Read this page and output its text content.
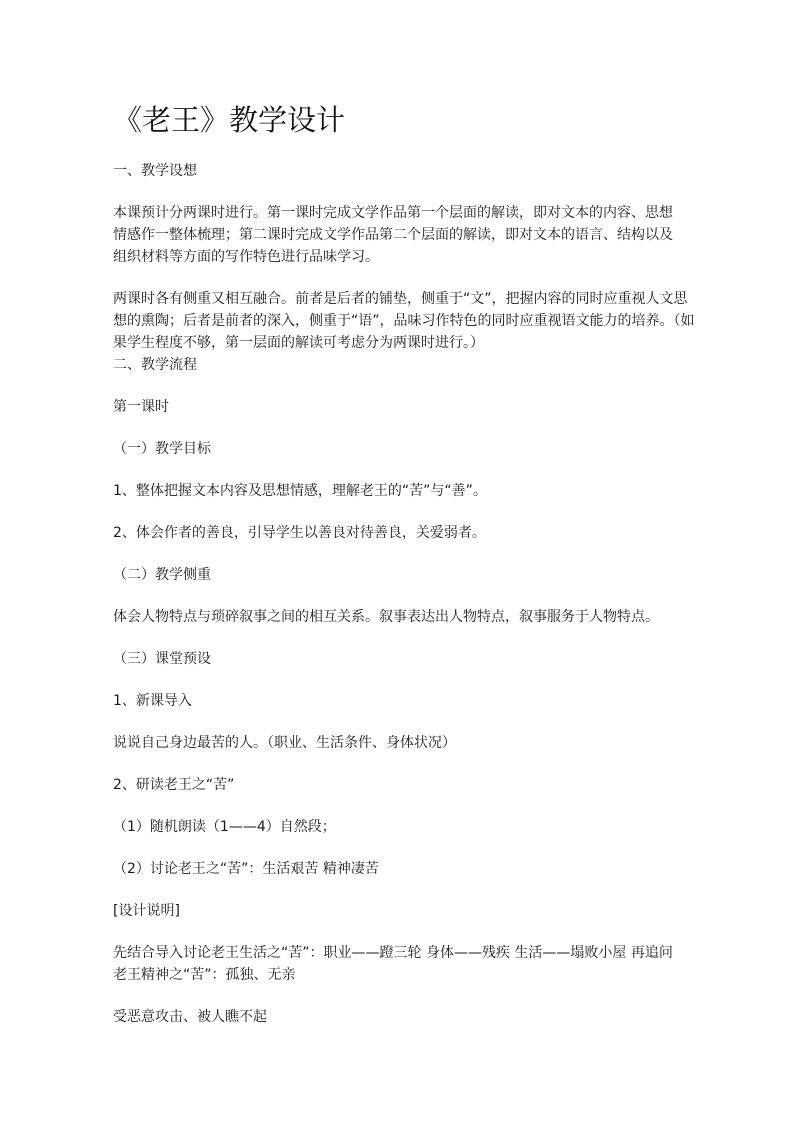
《老王》教学设计
一、教学设想
本课预计分两课时进行。第一课时完成文学作品第一个层面的解读，即对文本的内容、思想
情感作一整体梳理；第二课时完成文学作品第二个层面的解读，即对文本的语言、结构以及
组织材料等方面的写作特色进行品味学习。
两课时各有侧重又相互融合。前者是后者的铺垫，侧重于“文”，把握内容的同时应重视人文思
想的熏陶；后者是前者的深入，侧重于“语”，品味习作特色的同时应重视语文能力的培养。（如
果学生程度不够，第一层面的解读可考虑分为两课时进行。）
二、教学流程
第一课时
（一）教学目标
1、整体把握文本内容及思想情感，理解老王的“苦”与“善”。
2、体会作者的善良，引导学生以善良对待善良，关爱弱者。
（二）教学侧重
体会人物特点与琐碎叙事之间的相互关系。叙事表达出人物特点，叙事服务于人物特点。
（三）课堂预设
1、新课导入
说说自己身边最苦的人。（职业、生活条件、身体状况）
2、研读老王之“苦”
（1）随机朗读（1——4）自然段；
（2）讨论老王之“苦”：生活艰苦 精神凄苦
[设计说明]
先结合导入讨论老王生活之“苦”：职业——蹬三轮 身体——残疾 生活——塌败小屋 再追问
老王精神之“苦”：孤独、无亲
受恶意攻击、被人瞧不起
